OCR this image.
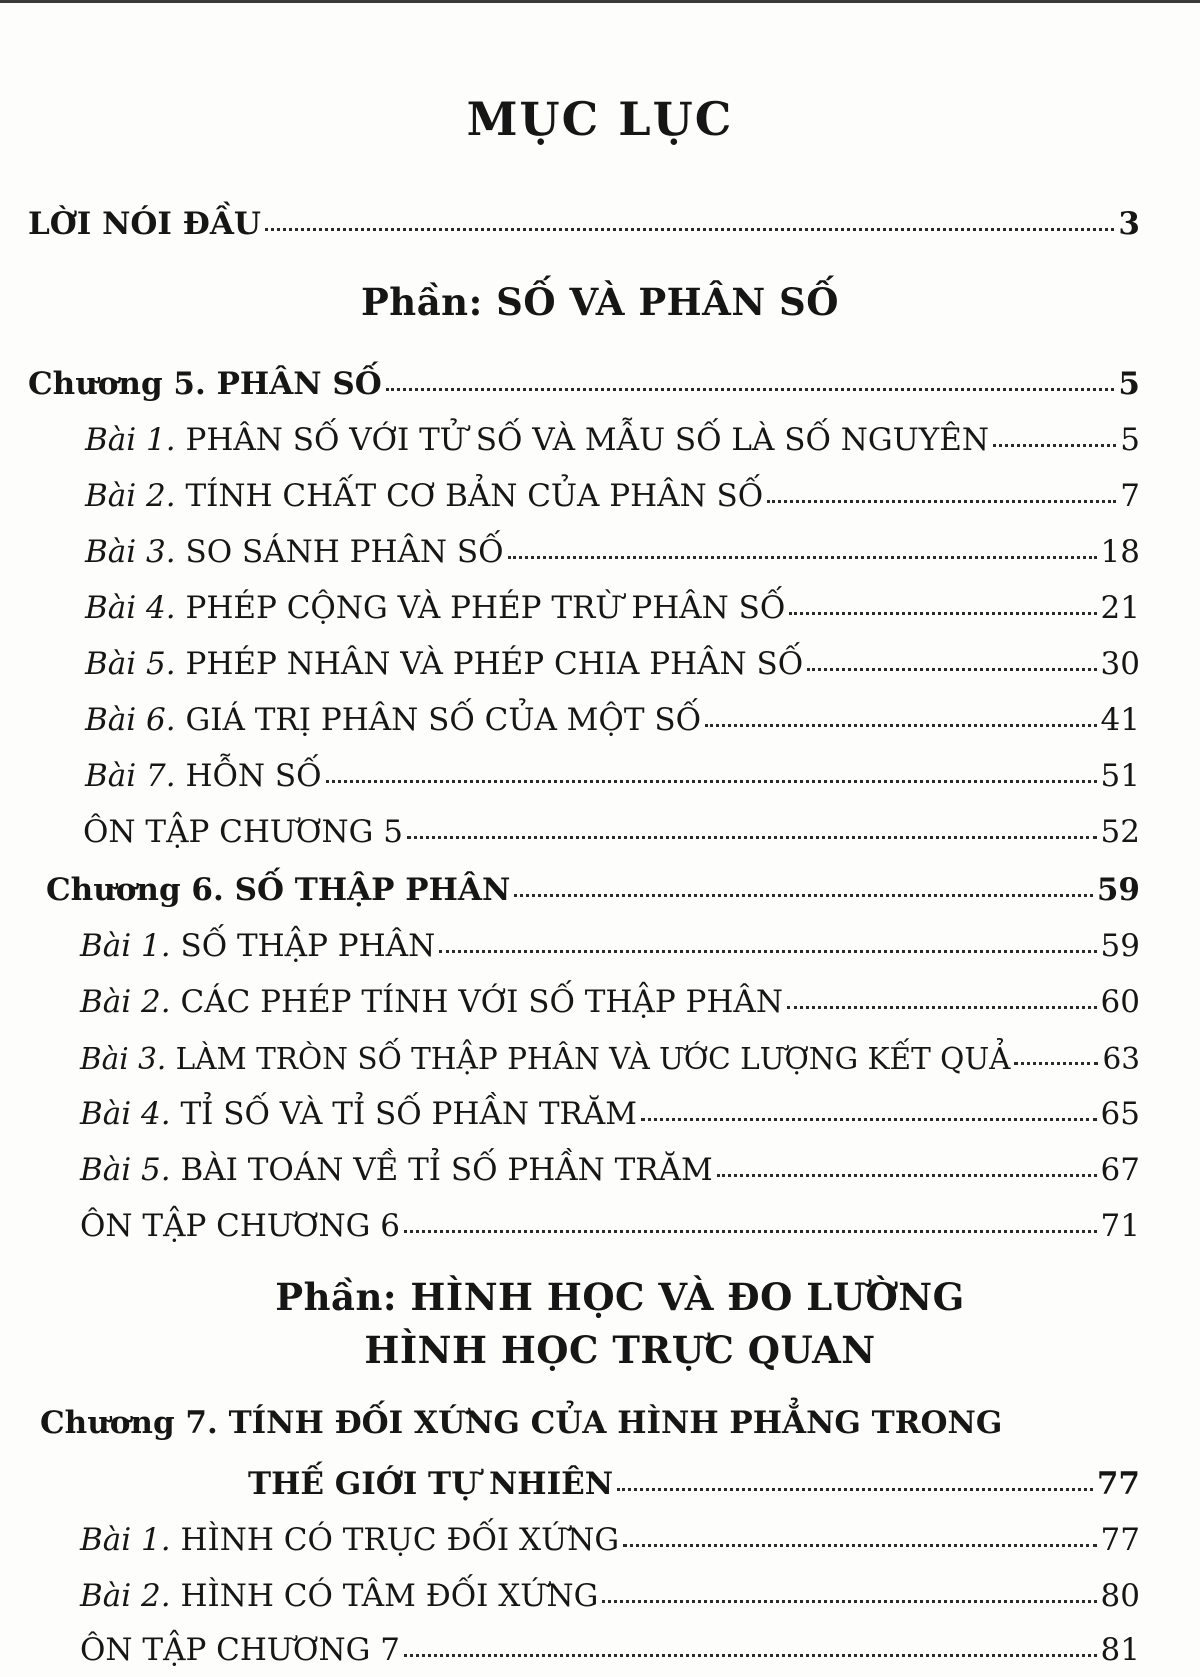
MỤC LỤC
LỜI NÓI ĐẦU	3
Phần: SỐ VÀ PHÂN SỐ
Chương 5. PHÂN SỐ	5
Bài 1. PHÂN SỐ VỚI TỬ SỐ VÀ MẪU SỐ LÀ SỐ NGUYÊN	5
Bài 2. TÍNH CHẤT CƠ BẢN CỦA PHÂN SỐ	7
Bài 3. SO SÁNH PHÂN SỐ	18
Bài 4. PHÉP CỘNG VÀ PHÉP TRỪ PHÂN SỐ	21
Bài 5. PHÉP NHÂN VÀ PHÉP CHIA PHÂN SỐ	30
Bài 6. GIÁ TRỊ PHÂN SỐ CỦA MỘT SỐ	41
Bài 7. HỖN SỐ	51
ÔN TẬP CHƯƠNG 5	52
Chương 6. SỐ THẬP PHÂN	59
Bài 1. SỐ THẬP PHÂN	59
Bài 2. CÁC PHÉP TÍNH VỚI SỐ THẬP PHÂN	60
Bài 3. LÀM TRÒN SỐ THẬP PHÂN VÀ ƯỚC LƯỢNG KẾT QUẢ	63
Bài 4. TỈ SỐ VÀ TỈ SỐ PHẦN TRĂM	65
Bài 5. BÀI TOÁN VỀ TỈ SỐ PHẦN TRĂM	67
ÔN TẬP CHƯƠNG 6	71
Phần: HÌNH HỌC VÀ ĐO LƯỜNG
HÌNH HỌC TRỰC QUAN
Chương 7. TÍNH ĐỐI XỨNG CỦA HÌNH PHẲNG TRONG
THẾ GIỚI TỰ NHIÊN	77
Bài 1. HÌNH CÓ TRỤC ĐỐI XỨNG	77
Bài 2. HÌNH CÓ TÂM ĐỐI XỨNG	80
ÔN TẬP CHƯƠNG 7	81
